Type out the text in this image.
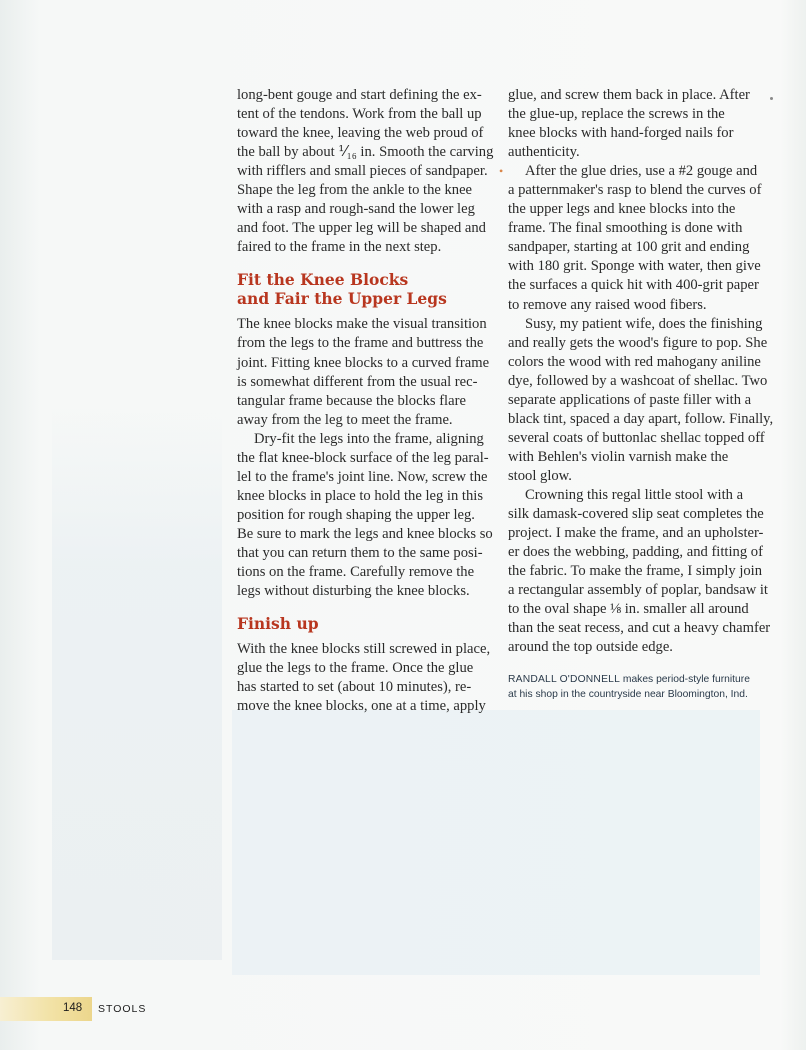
long-bent gouge and start defining the ex-
tent of the tendons. Work from the ball up
toward the knee, leaving the web proud of
the ball by about ⅟₁₆ in. Smooth the carving
with rifflers and small pieces of sandpaper.
Shape the leg from the ankle to the knee
with a rasp and rough-sand the lower leg
and foot. The upper leg will be shaped and
faired to the frame in the next step.
Fit the Knee Blocks
and Fair the Upper Legs
The knee blocks make the visual transition
from the legs to the frame and buttress the
joint. Fitting knee blocks to a curved frame
is somewhat different from the usual rec-
tangular frame because the blocks flare
away from the leg to meet the frame.
Dry-fit the legs into the frame, aligning
the flat knee-block surface of the leg paral-
lel to the frame's joint line. Now, screw the
knee blocks in place to hold the leg in this
position for rough shaping the upper leg.
Be sure to mark the legs and knee blocks so
that you can return them to the same posi-
tions on the frame. Carefully remove the
legs without disturbing the knee blocks.
Finish up
With the knee blocks still screwed in place,
glue the legs to the frame. Once the glue
has started to set (about 10 minutes), re-
move the knee blocks, one at a time, apply
glue, and screw them back in place. After
the glue-up, replace the screws in the
knee blocks with hand-forged nails for
authenticity.
•	After the glue dries, use a #2 gouge and
a patternmaker's rasp to blend the curves of
the upper legs and knee blocks into the
frame. The final smoothing is done with
sandpaper, starting at 100 grit and ending
with 180 grit. Sponge with water, then give
the surfaces a quick hit with 400-grit paper
to remove any raised wood fibers.
Susy, my patient wife, does the finishing
and really gets the wood's figure to pop. She
colors the wood with red mahogany aniline
dye, followed by a washcoat of shellac. Two
separate applications of paste filler with a
black tint, spaced a day apart, follow. Finally,
several coats of buttonlac shellac topped off
with Behlen's violin varnish make the
stool glow.
Crowning this regal little stool with a
silk damask-covered slip seat completes the
project. I make the frame, and an upholster-
er does the webbing, padding, and fitting of
the fabric. To make the frame, I simply join
a rectangular assembly of poplar, bandsaw it
to the oval shape ⅛ in. smaller all around
than the seat recess, and cut a heavy chamfer
around the top outside edge.
RANDALL O'DONNELL makes period-style furniture
at his shop in the countryside near Bloomington, Ind.
148 STOOLS
